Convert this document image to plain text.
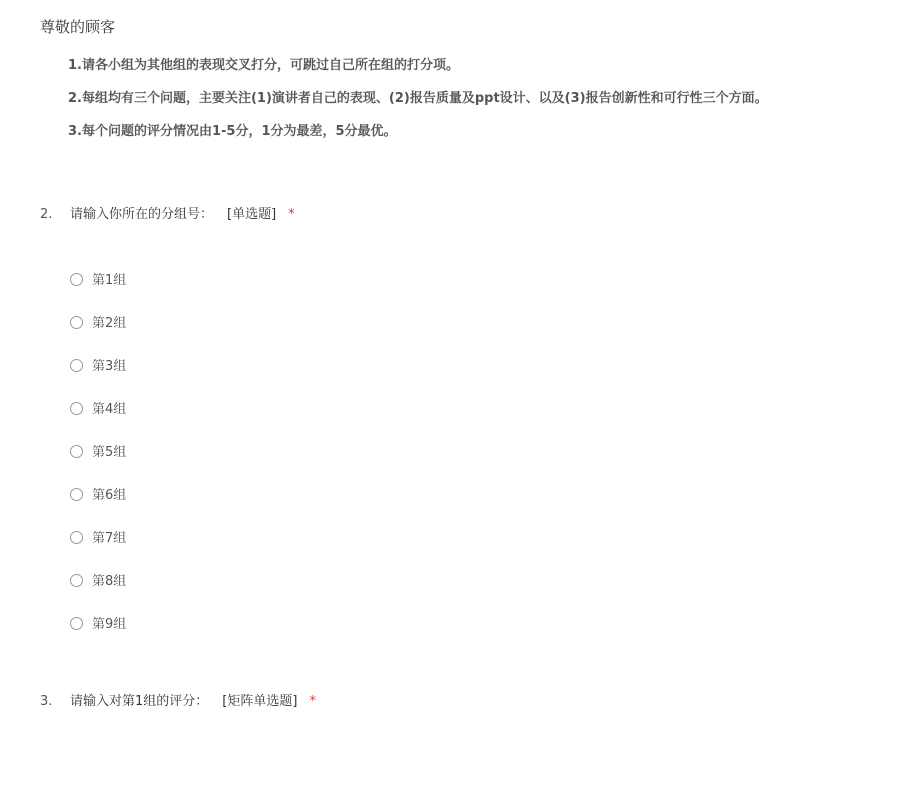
尊敬的顾客
1.请各小组为其他组的表现交叉打分，可跳过自己所在组的打分项。
2.每组均有三个问题，主要关注(1)演讲者自己的表现、(2)报告质量及ppt设计、以及(3)报告创新性和可行性三个方面。
3.每个问题的评分情况由1-5分，1分为最差，5分最优。
2. 请输入你所在的分组号： [单选题] *
第1组
第2组
第3组
第4组
第5组
第6组
第7组
第8组
第9组
3. 请输入对第1组的评分： [矩阵单选题] *
